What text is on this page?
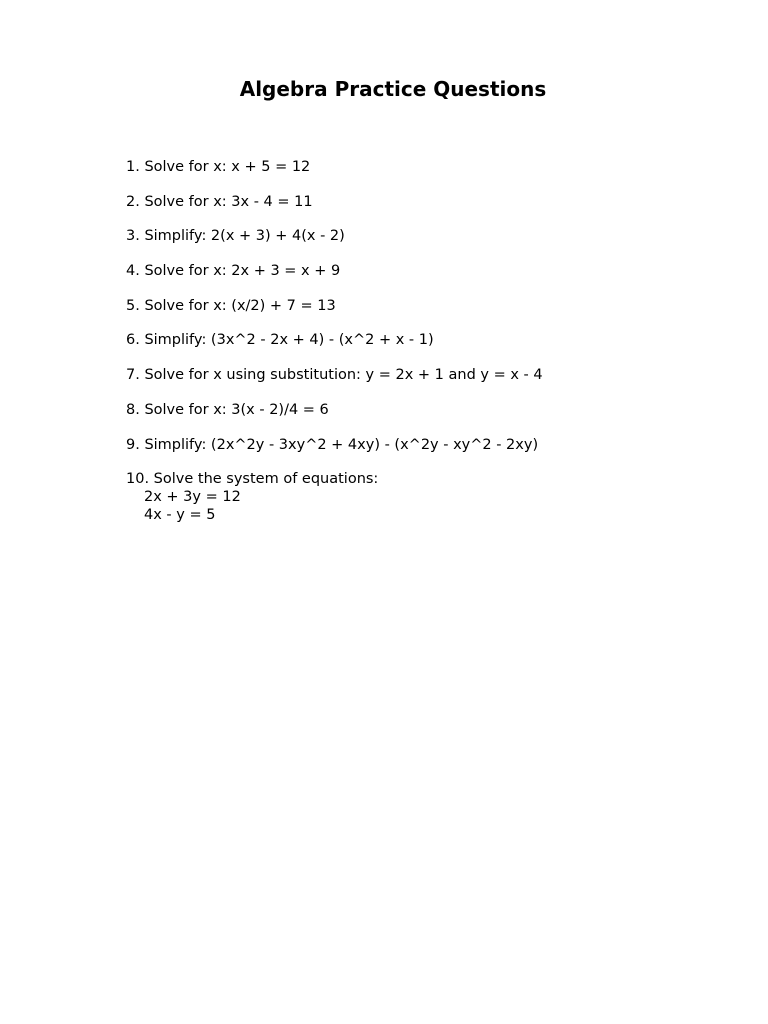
Algebra Practice Questions
1. Solve for x: x + 5 = 12
2. Solve for x: 3x - 4 = 11
3. Simplify: 2(x + 3) + 4(x - 2)
4. Solve for x: 2x + 3 = x + 9
5. Solve for x: (x/2) + 7 = 13
6. Simplify: (3x^2 - 2x + 4) - (x^2 + x - 1)
7. Solve for x using substitution: y = 2x + 1 and y = x - 4
8. Solve for x: 3(x - 2)/4 = 6
9. Simplify: (2x^2y - 3xy^2 + 4xy) - (x^2y - xy^2 - 2xy)
10. Solve the system of equations:
2x + 3y = 12
4x - y = 5
